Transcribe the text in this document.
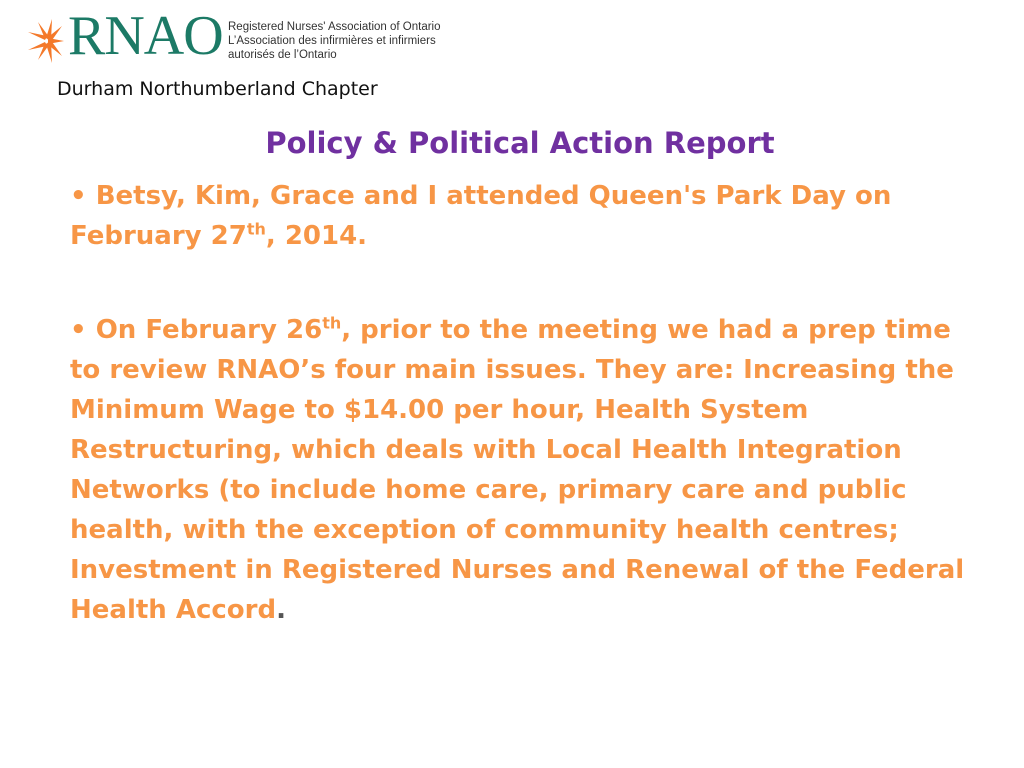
RNAO Registered Nurses' Association of Ontario
L’Association des infirmières et infirmiers
autorisés de l’Ontario
Durham Northumberland Chapter
Policy & Political Action Report

• Betsy, Kim, Grace and I attended Queen's Park Day on February 27th, 2014.

• On February 26th, prior to the meeting we had a prep time to review RNAO’s four main issues. They are: Increasing the Minimum Wage to $14.00 per hour, Health System Restructuring, which deals with Local Health Integration Networks (to include home care, primary care and public health, with the exception of community health centres; Investment in Registered Nurses and Renewal of the Federal Health Accord.
